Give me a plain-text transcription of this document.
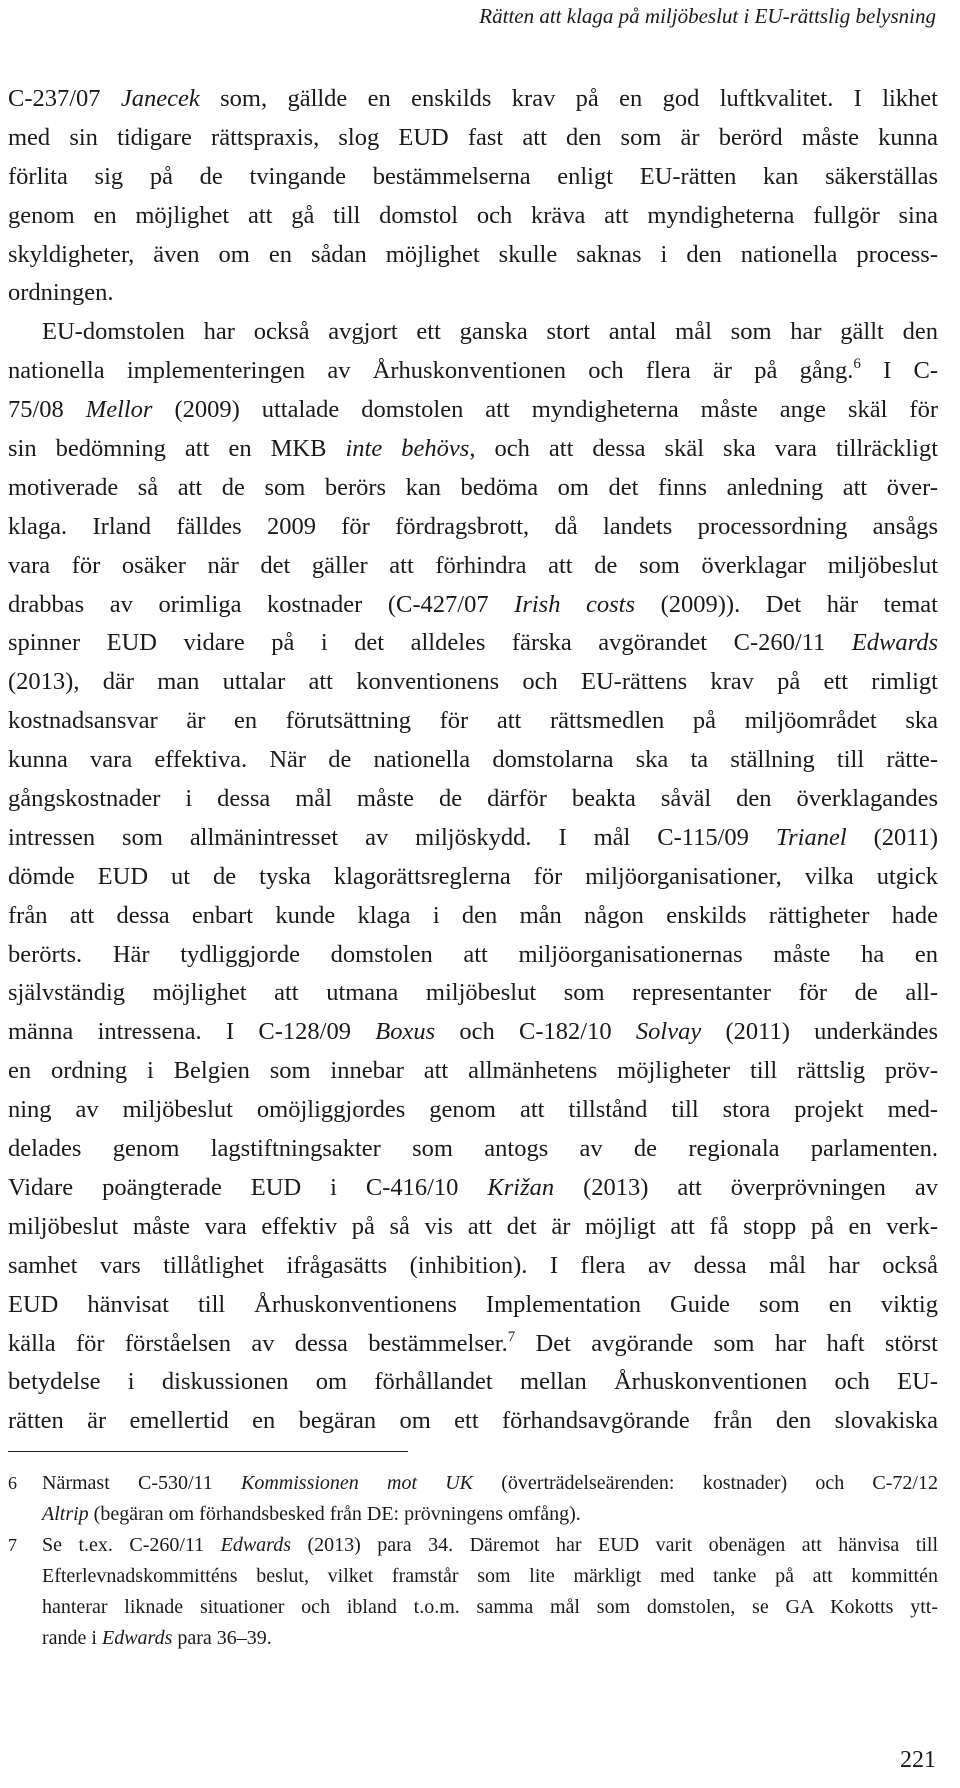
Rätten att klaga på miljöbeslut i EU-rättslig belysning
C-237/07 Janecek som, gällde en enskilds krav på en god luftkvalitet. I likhet
med sin tidigare rättspraxis, slog EUD fast att den som är berörd måste kunna
förlita sig på de tvingande bestämmelserna enligt EU-rätten kan säkerställas
genom en möjlighet att gå till domstol och kräva att myndigheterna fullgör sina
skyldigheter, även om en sådan möjlighet skulle saknas i den nationella process-
ordningen.
EU-domstolen har också avgjort ett ganska stort antal mål som har gällt den
nationella implementeringen av Århuskonventionen och flera är på gång.$^6$ I C-
75/08 Mellor (2009) uttalade domstolen att myndigheterna måste ange skäl för
sin bedömning att en MKB inte behövs, och att dessa skäl ska vara tillräckligt
motiverade så att de som berörs kan bedöma om det finns anledning att över-
klaga. Irland fälldes 2009 för fördragsbrott, då landets processordning ansågs
vara för osäker när det gäller att förhindra att de som överklagar miljöbeslut
drabbas av orimliga kostnader (C-427/07 Irish costs (2009)). Det här temat
spinner EUD vidare på i det alldeles färska avgörandet C-260/11 Edwards
(2013), där man uttalar att konventionens och EU-rättens krav på ett rimligt
kostnadsansvar är en förutsättning för att rättsmedlen på miljöområdet ska
kunna vara effektiva. När de nationella domstolarna ska ta ställning till rätte-
gångskostnader i dessa mål måste de därför beakta såväl den överklagandes
intressen som allmänintresset av miljöskydd. I mål C-115/09 Trianel (2011)
dömde EUD ut de tyska klagorättsreglerna för miljöorganisationer, vilka utgick
från att dessa enbart kunde klaga i den mån någon enskilds rättigheter hade
berörts. Här tydliggjorde domstolen att miljöorganisationernas måste ha en
självständig möjlighet att utmana miljöbeslut som representanter för de all-
männa intressena. I C-128/09 Boxus och C-182/10 Solvay (2011) underkändes
en ordning i Belgien som innebar att allmänhetens möjligheter till rättslig pröv-
ning av miljöbeslut omöjliggjordes genom att tillstånd till stora projekt med-
delades genom lagstiftningsakter som antogs av de regionala parlamenten.
Vidare poängterade EUD i C-416/10 Križan (2013) att överprövningen av
miljöbeslut måste vara effektiv på så vis att det är möjligt att få stopp på en verk-
samhet vars tillåtlighet ifrågasätts (inhibition). I flera av dessa mål har också
EUD hänvisat till Århuskonventionens Implementation Guide som en viktig
källa för förståelsen av dessa bestämmelser.$^7$ Det avgörande som har haft störst
betydelse i diskussionen om förhållandet mellan Århuskonventionen och EU-
rätten är emellertid en begäran om ett förhandsavgörande från den slovakiska
6 Närmast C-530/11 Kommissionen mot UK (överträdelseärenden: kostnader) och C-72/12
Altrip (begäran om förhandsbesked från DE: prövningens omfång).
7 Se t.ex. C-260/11 Edwards (2013) para 34. Däremot har EUD varit obenägen att hänvisa till
Efterlevnadskommitténs beslut, vilket framstår som lite märkligt med tanke på att kommittén
hanterar liknade situationer och ibland t.o.m. samma mål som domstolen, se GA Kokotts ytt-
rande i Edwards para 36–39.
221
